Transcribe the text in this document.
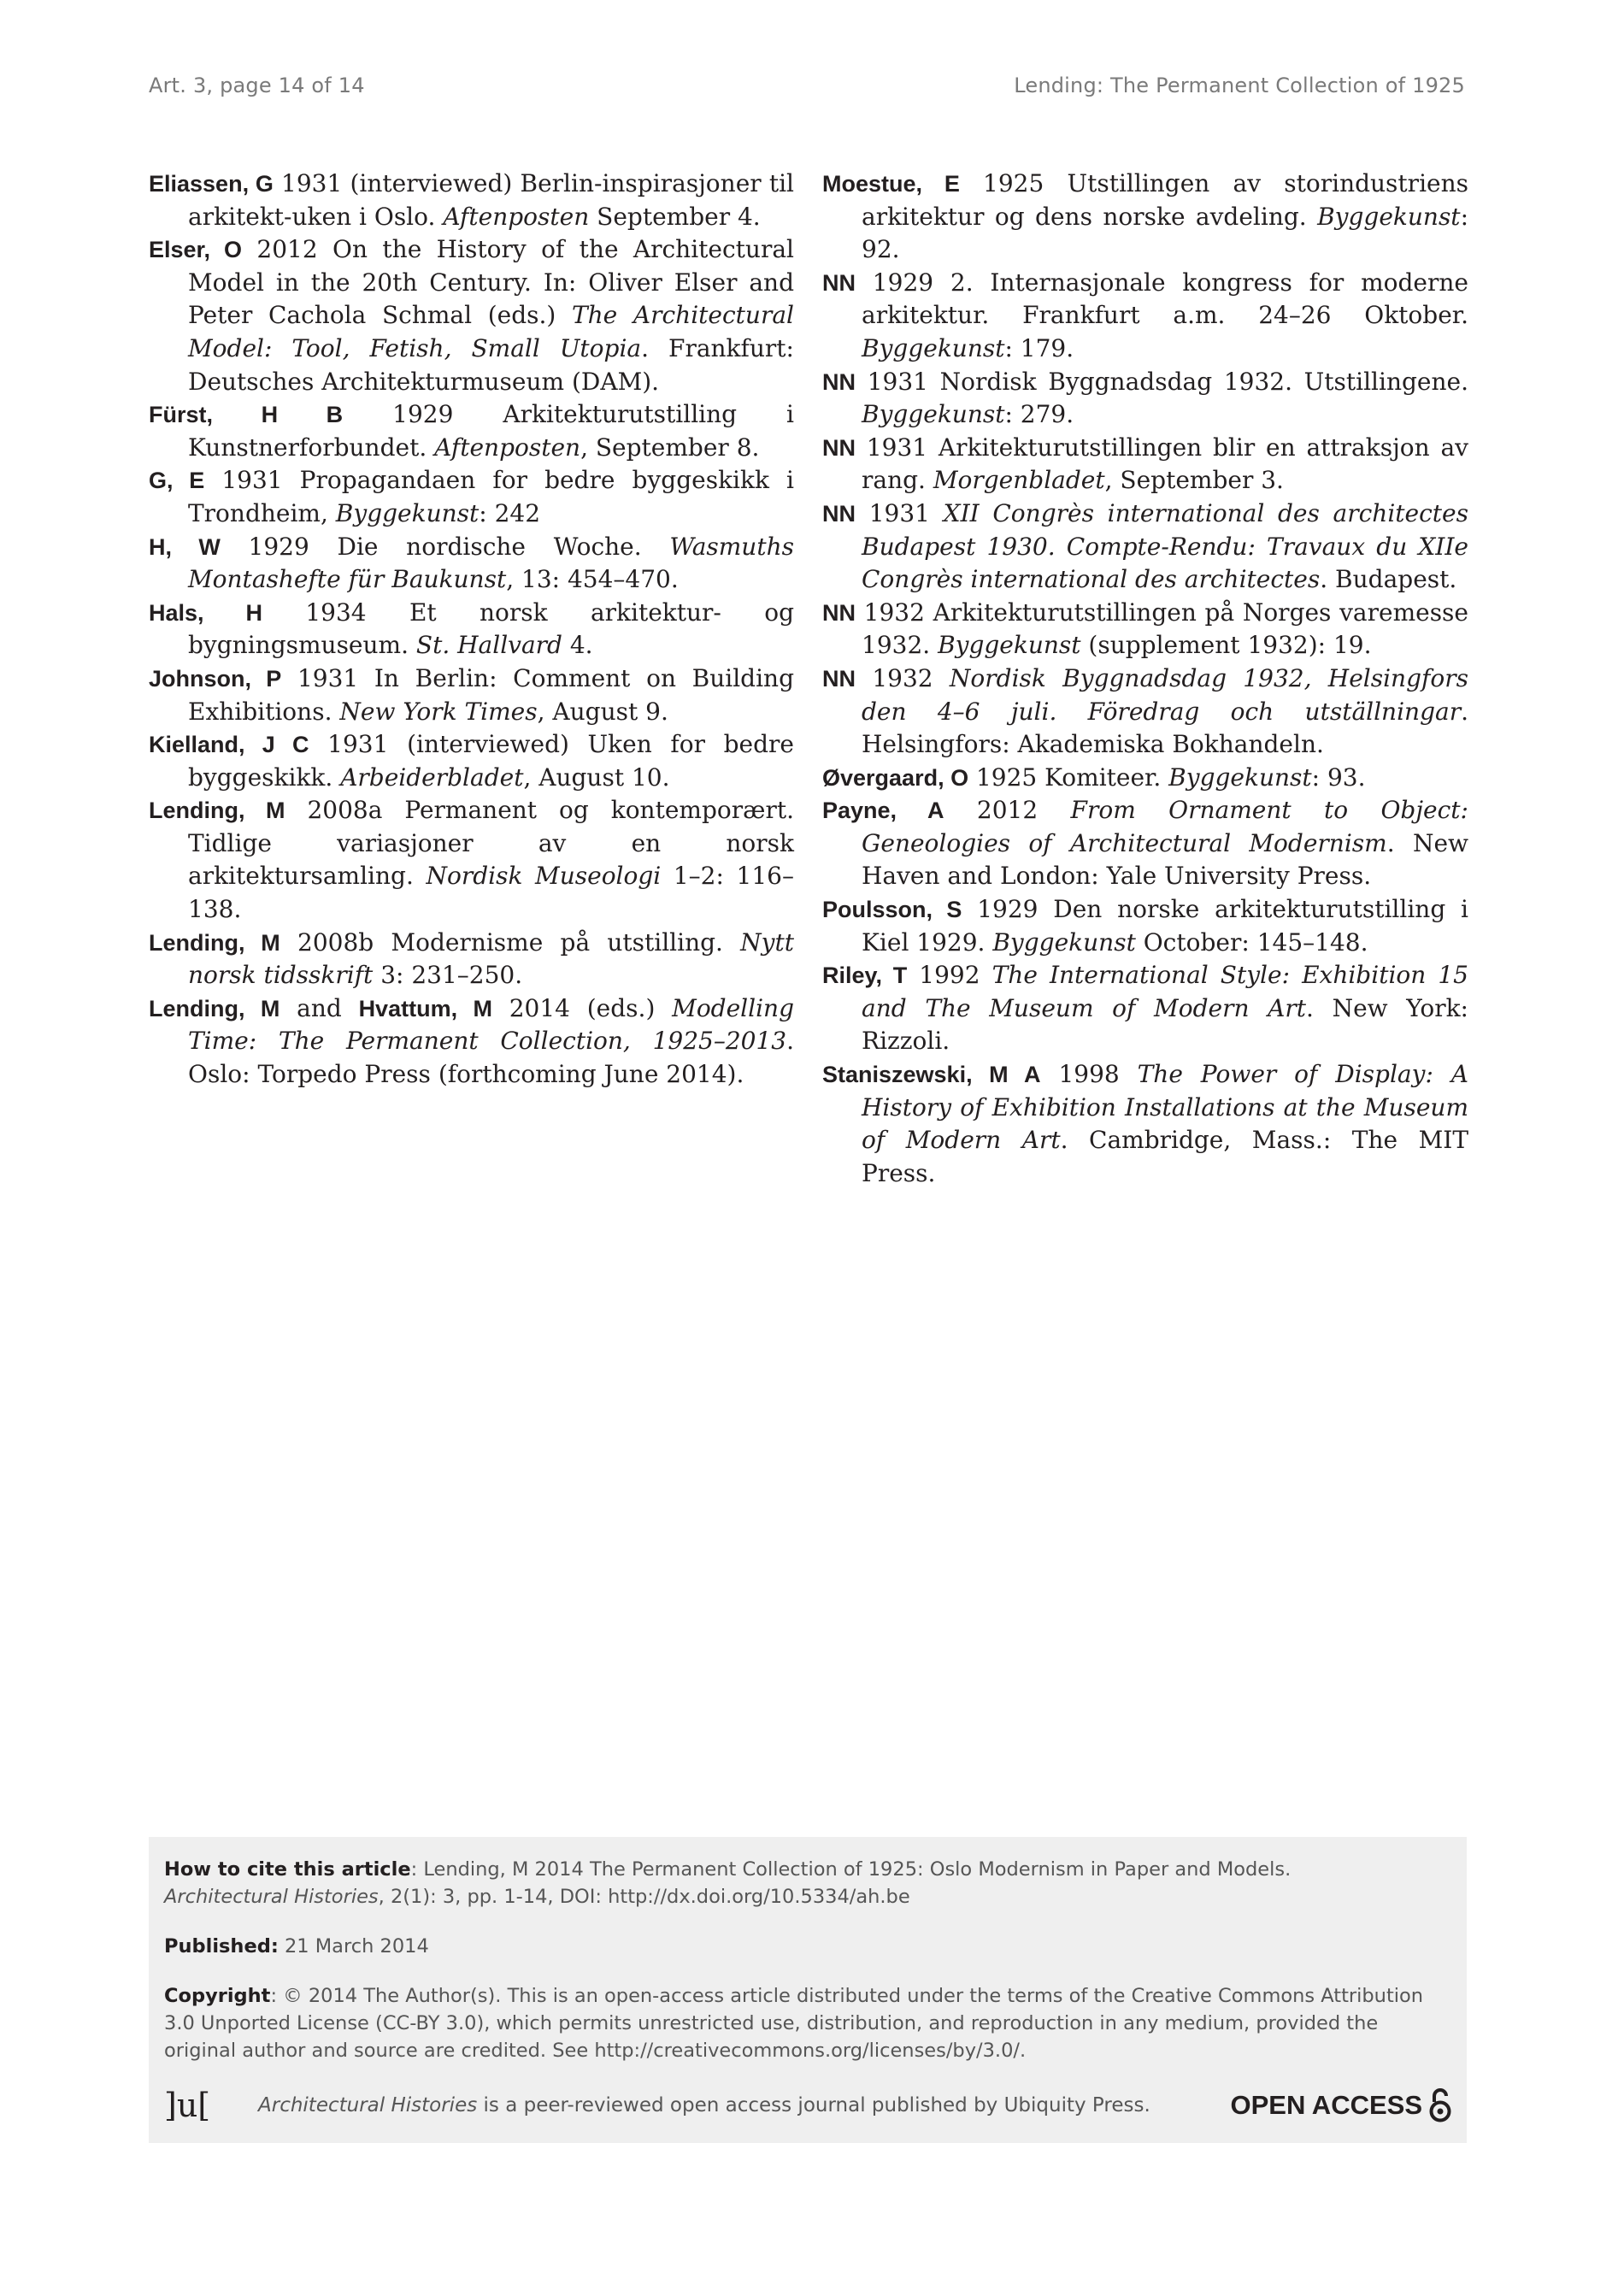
Art. 3, page 14 of 14	Lending: The Permanent Collection of 1925

Eliassen, G 1931 (interviewed) Berlin-inspirasjoner til arkitekt-uken i Oslo. Aftenposten September 4.

Elser, O 2012 On the History of the Architectural Model in the 20th Century. In: Oliver Elser and Peter Cachola Schmal (eds.) The Architectural Model: Tool, Fetish, Small Utopia. Frankfurt: Deutsches Architekturmuseum (DAM).

Fürst, H B 1929 Arkitekturutstilling i Kunstnerforbundet. Aftenposten, September 8.

G, E 1931 Propagandaen for bedre byggeskikk i Trondheim, Byggekunst: 242

H, W 1929 Die nordische Woche. Wasmuths Montashefte für Baukunst, 13: 454–470.

Hals, H 1934 Et norsk arkitektur- og bygningsmuseum. St. Hallvard 4.

Johnson, P 1931 In Berlin: Comment on Building Exhibitions. New York Times, August 9.

Kielland, J C 1931 (interviewed) Uken for bedre byggeskikk. Arbeiderbladet, August 10.

Lending, M 2008a Permanent og kontemporært. Tidlige variasjoner av en norsk arkitektursamling. Nordisk Museologi 1–2: 116–138.

Lending, M 2008b Modernisme på utstilling. Nytt norsk tidsskrift 3: 231–250.

Lending, M and Hvattum, M 2014 (eds.) Modelling Time: The Permanent Collection, 1925–2013. Oslo: Torpedo Press (forthcoming June 2014).

Moestue, E 1925 Utstillingen av storindustriens arkitektur og dens norske avdeling. Byggekunst: 92.

NN 1929 2. Internasjonale kongress for moderne arkitektur. Frankfurt a.m. 24–26 Oktober. Byggekunst: 179.

NN 1931 Nordisk Byggnadsdag 1932. Utstillingene. Byggekunst: 279.

NN 1931 Arkitekturutstillingen blir en attraksjon av rang. Morgenbladet, September 3.

NN 1931 XII Congrès international des architectes Budapest 1930. Compte-Rendu: Travaux du XIIe Congrès international des architectes. Budapest.

NN 1932 Arkitekturutstillingen på Norges varemesse 1932. Byggekunst (supplement 1932): 19.

NN 1932 Nordisk Byggnadsdag 1932, Helsingfors den 4–6 juli. Föredrag och utställningar. Helsingfors: Akademiska Bokhandeln.

Øvergaard, O 1925 Komiteer. Byggekunst: 93.

Payne, A 2012 From Ornament to Object: Geneologies of Architectural Modernism. New Haven and London: Yale University Press.

Poulsson, S 1929 Den norske arkitekturutstilling i Kiel 1929. Byggekunst October: 145–148.

Riley, T 1992 The International Style: Exhibition 15 and The Museum of Modern Art. New York: Rizzoli.

Staniszewski, M A 1998 The Power of Display: A History of Exhibition Installations at the Museum of Modern Art. Cambridge, Mass.: The MIT Press.

How to cite this article: Lending, M 2014 The Permanent Collection of 1925: Oslo Modernism in Paper and Models.
Architectural Histories, 2(1): 3, pp. 1-14, DOI: http://dx.doi.org/10.5334/ah.be

Published: 21 March 2014

Copyright: © 2014 The Author(s). This is an open-access article distributed under the terms of the Creative Commons Attribution 3.0 Unported License (CC-BY 3.0), which permits unrestricted use, distribution, and reproduction in any medium, provided the original author and source are credited. See http://creativecommons.org/licenses/by/3.0/.

]u[	Architectural Histories is a peer-reviewed open access journal published by Ubiquity Press.	OPEN ACCESS
